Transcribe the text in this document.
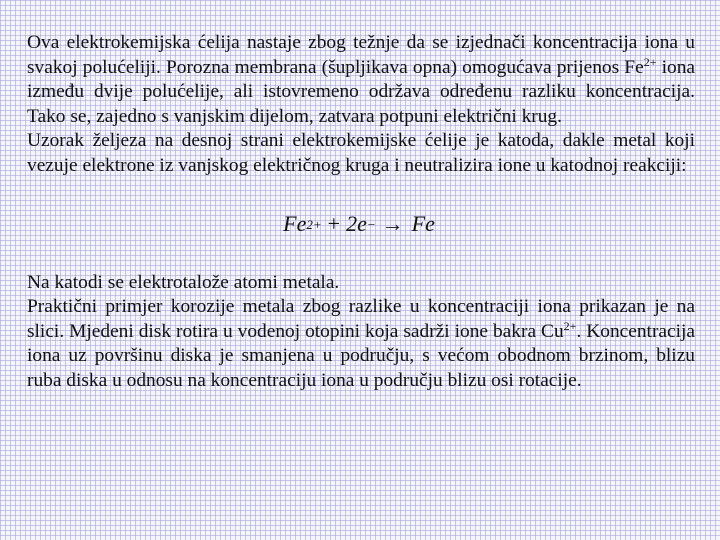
Ova elektrokemijska ćelija nastaje zbog težnje da se izjednači koncentracija iona u svakoj polućeliji. Porozna membrana (šupljikava opna) omogućava prijenos $Fe^{2+}$ iona između dvije polućelije, ali istovremeno održava određenu razliku koncentracija. Tako se, zajedno s vanjskim dijelom, zatvara potpuni električni krug.

Uzorak željeza na desnoj strani elektrokemijske ćelije je katoda, dakle metal koji vezuje elektrone iz vanjskog električnog kruga i neutralizira ione u katodnoj reakciji:

Fe 2+ + 2e − → Fe

Na katodi se elektrotalože atomi metala.

Praktični primjer korozije metala zbog razlike u koncentraciji iona prikazan je na slici. Mjedeni disk rotira u vodenoj otopini koja sadrži ione bakra $Cu^{2+}$. Koncentracija iona uz površinu diska je smanjena u području, s većom obodnom brzinom, blizu ruba diska u odnosu na koncentraciju iona u području blizu osi rotacije.
